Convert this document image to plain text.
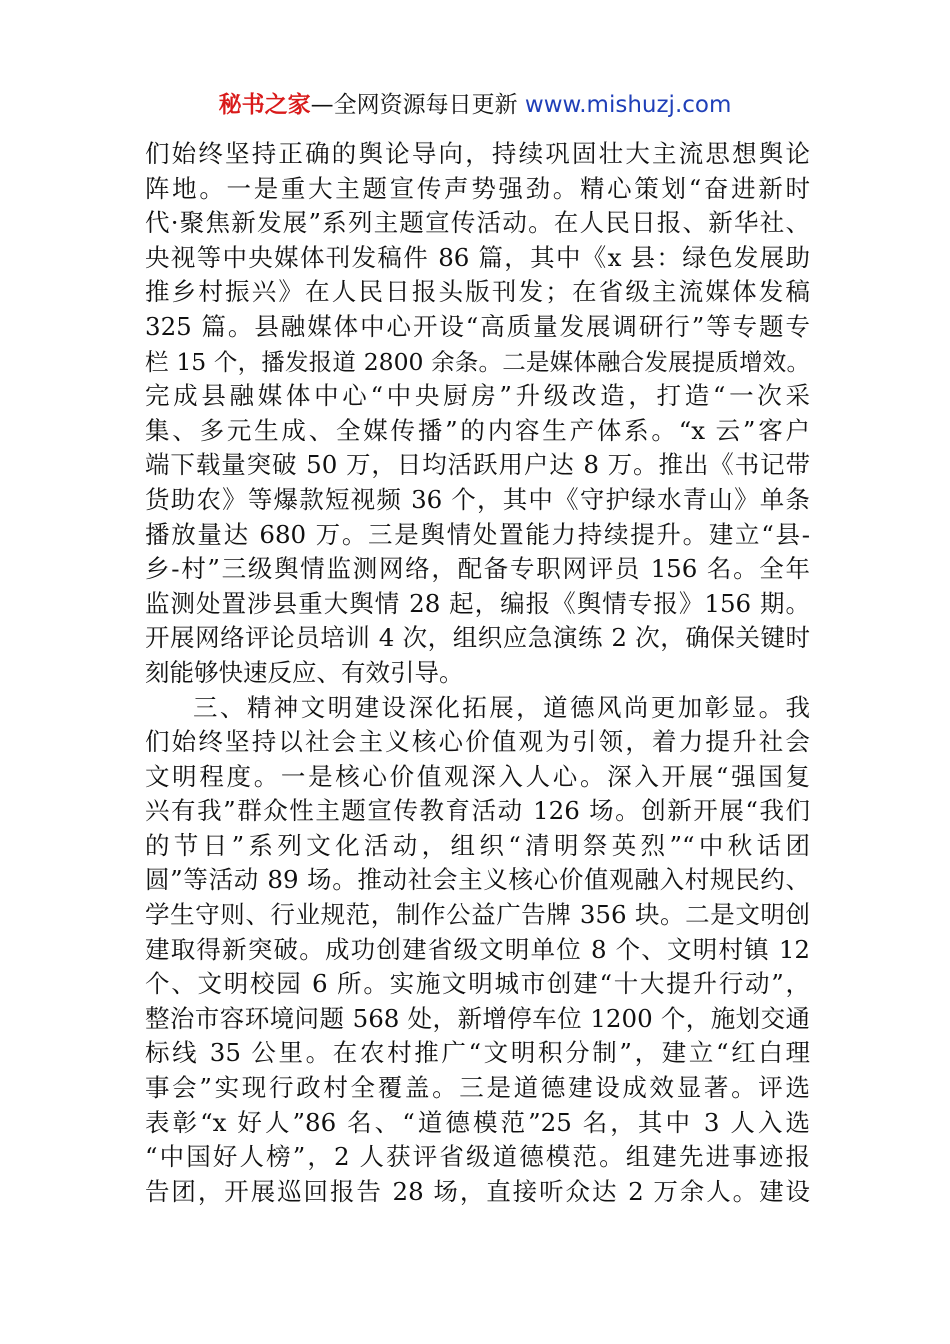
秘书之家—全网资源每日更新 www.mishuzj.com
们始终坚持正确的舆论导向，持续巩固壮大主流思想舆论
阵地。一是重大主题宣传声势强劲。精心策划“奋进新时
代·聚焦新发展”系列主题宣传活动。在人民日报、新华社、
央视等中央媒体刊发稿件 86 篇，其中《x 县：绿色发展助
推乡村振兴》在人民日报头版刊发；在省级主流媒体发稿
325 篇。县融媒体中心开设“高质量发展调研行”等专题专
栏 15 个，播发报道 2800 余条。二是媒体融合发展提质增效。
完成县融媒体中心“中央厨房”升级改造，打造“一次采
集、多元生成、全媒传播”的内容生产体系。“x 云”客户
端下载量突破 50 万，日均活跃用户达 8 万。推出《书记带
货助农》等爆款短视频 36 个，其中《守护绿水青山》单条
播放量达 680 万。三是舆情处置能力持续提升。建立“县-
乡-村”三级舆情监测网络，配备专职网评员 156 名。全年
监测处置涉县重大舆情 28 起，编报《舆情专报》156 期。
开展网络评论员培训 4 次，组织应急演练 2 次，确保关键时
刻能够快速反应、有效引导。
三、精神文明建设深化拓展，道德风尚更加彰显。我
们始终坚持以社会主义核心价值观为引领，着力提升社会
文明程度。一是核心价值观深入人心。深入开展“强国复
兴有我”群众性主题宣传教育活动 126 场。创新开展“我们
的节日”系列文化活动，组织“清明祭英烈”“中秋话团
圆”等活动 89 场。推动社会主义核心价值观融入村规民约、
学生守则、行业规范，制作公益广告牌 356 块。二是文明创
建取得新突破。成功创建省级文明单位 8 个、文明村镇 12
个、文明校园 6 所。实施文明城市创建“十大提升行动”，
整治市容环境问题 568 处，新增停车位 1200 个，施划交通
标线 35 公里。在农村推广“文明积分制”，建立“红白理
事会”实现行政村全覆盖。三是道德建设成效显著。评选
表彰“x 好人”86 名、“道德模范”25 名，其中 3 人入选
“中国好人榜”，2 人获评省级道德模范。组建先进事迹报
告团，开展巡回报告 28 场，直接听众达 2 万余人。建设
